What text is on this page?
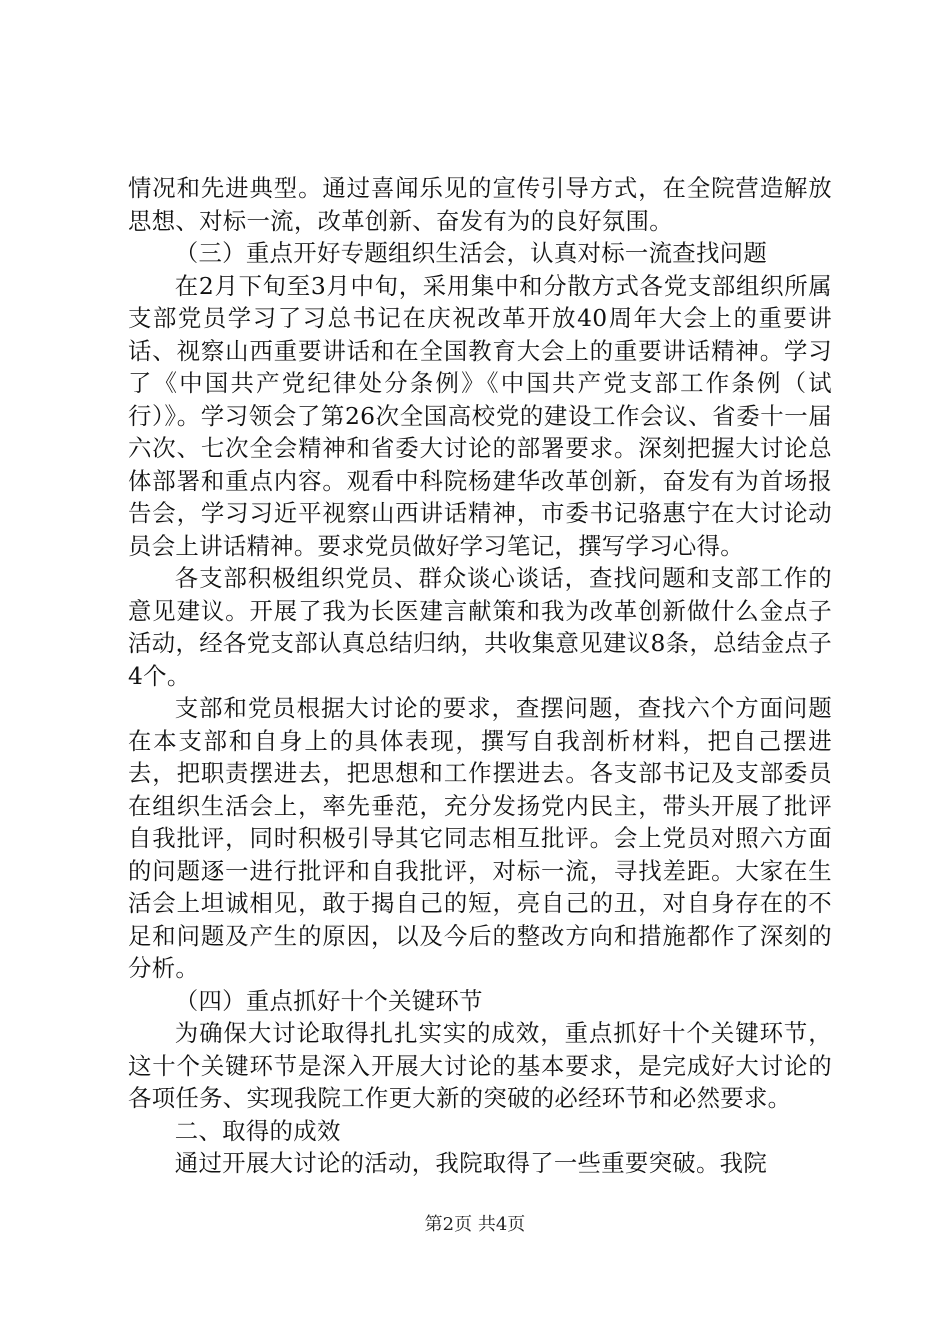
情况和先进典型。通过喜闻乐见的宣传引导方式，在全院营造解放思想、对标一流，改革创新、奋发有为的良好氛围。

（三）重点开好专题组织生活会，认真对标一流查找问题

在2月下旬至3月中旬，采用集中和分散方式各党支部组织所属支部党员学习了习总书记在庆祝改革开放40周年大会上的重要讲话、视察山西重要讲话和在全国教育大会上的重要讲话精神。学习了《中国共产党纪律处分条例》《中国共产党支部工作条例（试行）》。学习领会了第26次全国高校党的建设工作会议、省委十一届六次、七次全会精神和省委大讨论的部署要求。深刻把握大讨论总体部署和重点内容。观看中科院杨建华改革创新，奋发有为首场报告会，学习习近平视察山西讲话精神，市委书记骆惠宁在大讨论动员会上讲话精神。要求党员做好学习笔记，撰写学习心得。

各支部积极组织党员、群众谈心谈话，查找问题和支部工作的意见建议。开展了我为长医建言献策和我为改革创新做什么金点子活动，经各党支部认真总结归纳，共收集意见建议8条，总结金点子4个。

支部和党员根据大讨论的要求，查摆问题，查找六个方面问题在本支部和自身上的具体表现，撰写自我剖析材料，把自己摆进去，把职责摆进去，把思想和工作摆进去。各支部书记及支部委员在组织生活会上，率先垂范，充分发扬党内民主，带头开展了批评自我批评，同时积极引导其它同志相互批评。会上党员对照六方面的问题逐一进行批评和自我批评，对标一流，寻找差距。大家在生活会上坦诚相见，敢于揭自己的短，亮自己的丑，对自身存在的不足和问题及产生的原因，以及今后的整改方向和措施都作了深刻的分析。

（四）重点抓好十个关键环节

为确保大讨论取得扎扎实实的成效，重点抓好十个关键环节，这十个关键环节是深入开展大讨论的基本要求，是完成好大讨论的各项任务、实现我院工作更大新的突破的必经环节和必然要求。

二、取得的成效

通过开展大讨论的活动，我院取得了一些重要突破。我院

第2页 共4页
